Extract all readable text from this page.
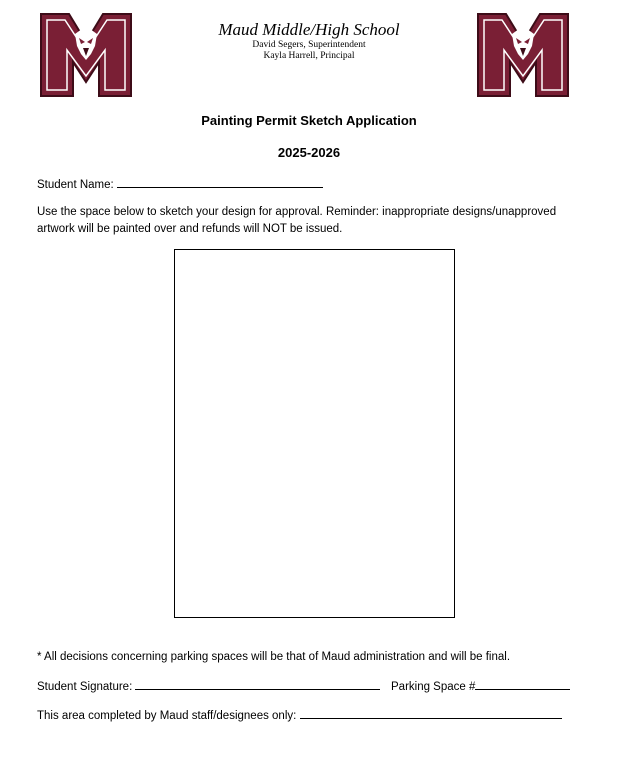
Maud Middle/High School

David Segers, Superintendent

Kayla Harrell, Principal

Painting Permit Sketch Application
2025-2026
Student Name:
Use the space below to sketch your design for approval. Reminder: inappropriate designs/unapproved artwork will be painted over and refunds will NOT be issued.
* All decisions concerning parking spaces will be that of Maud administration and will be final.
Student Signature:	Parking Space #
This area completed by Maud staff/designees only:
